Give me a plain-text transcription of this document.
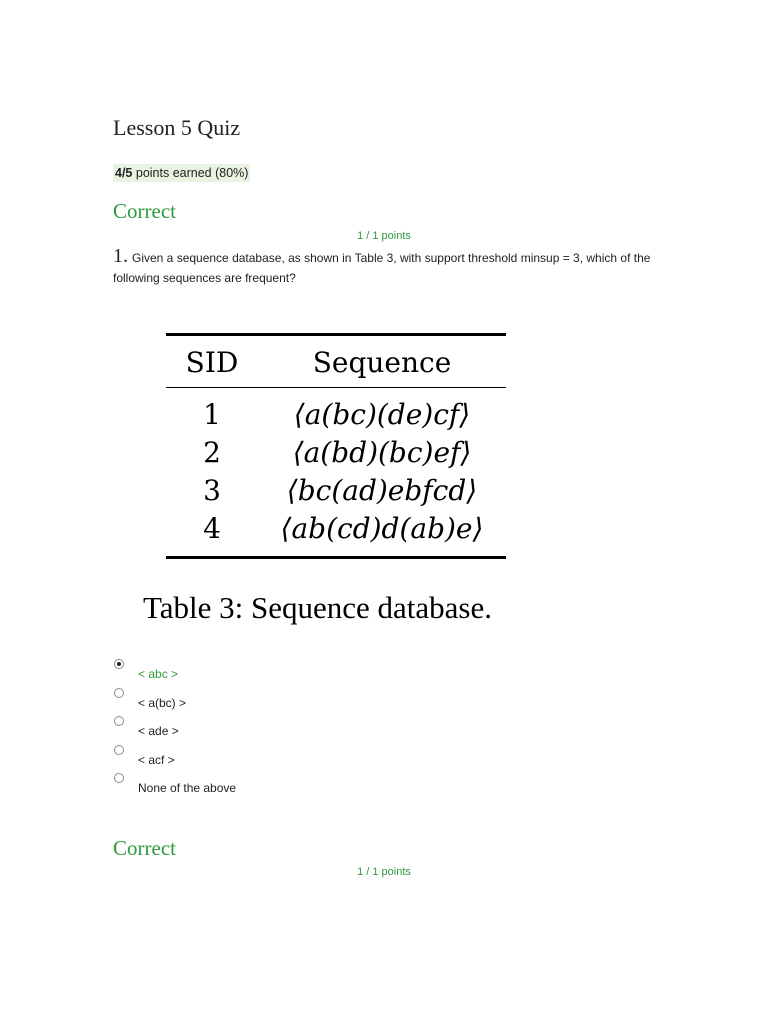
Lesson 5 Quiz
4/5 points earned (80%)
Correct
1 / 1 points
1. Given a sequence database, as shown in Table 3, with support threshold minsup = 3, which of the following sequences are frequent?
SID	Sequence
1	⟨a(bc)(de)cf⟩
2	⟨a(bd)(bc)ef⟩
3	⟨bc(ad)ebfcd⟩
4	⟨ab(cd)d(ab)e⟩
Table 3: Sequence database.
< abc >
< a(bc) >
< ade >
< acf >
None of the above
Correct
1 / 1 points
